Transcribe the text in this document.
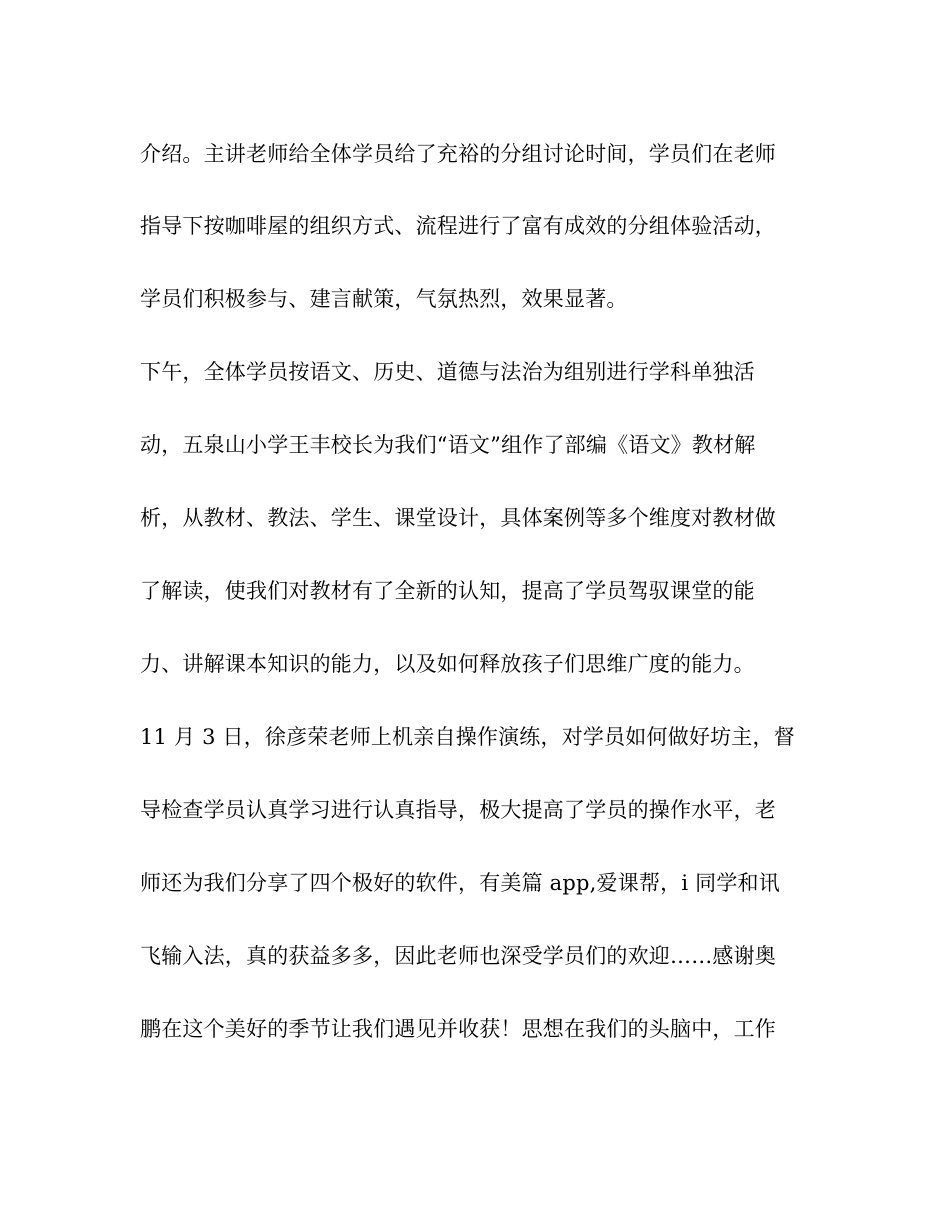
介绍。主讲老师给全体学员给了充裕的分组讨论时间，学员们在老师
指导下按咖啡屋的组织方式、流程进行了富有成效的分组体验活动，
学员们积极参与、建言献策，气氛热烈，效果显著。
下午，全体学员按语文、历史、道德与法治为组别进行学科单独活
动，五泉山小学王丰校长为我们“语文”组作了部编《语文》教材解
析，从教材、教法、学生、课堂设计，具体案例等多个维度对教材做
了解读，使我们对教材有了全新的认知，提高了学员驾驭课堂的能
力、讲解课本知识的能力，以及如何释放孩子们思维广度的能力。
11 月 3 日，徐彦荣老师上机亲自操作演练，对学员如何做好坊主，督
导检查学员认真学习进行认真指导，极大提高了学员的操作水平，老
师还为我们分享了四个极好的软件，有美篇 app,爱课帮，i 同学和讯
飞输入法，真的获益多多，因此老师也深受学员们的欢迎……感谢奥
鹏在这个美好的季节让我们遇见并收获！思想在我们的头脑中，工作
